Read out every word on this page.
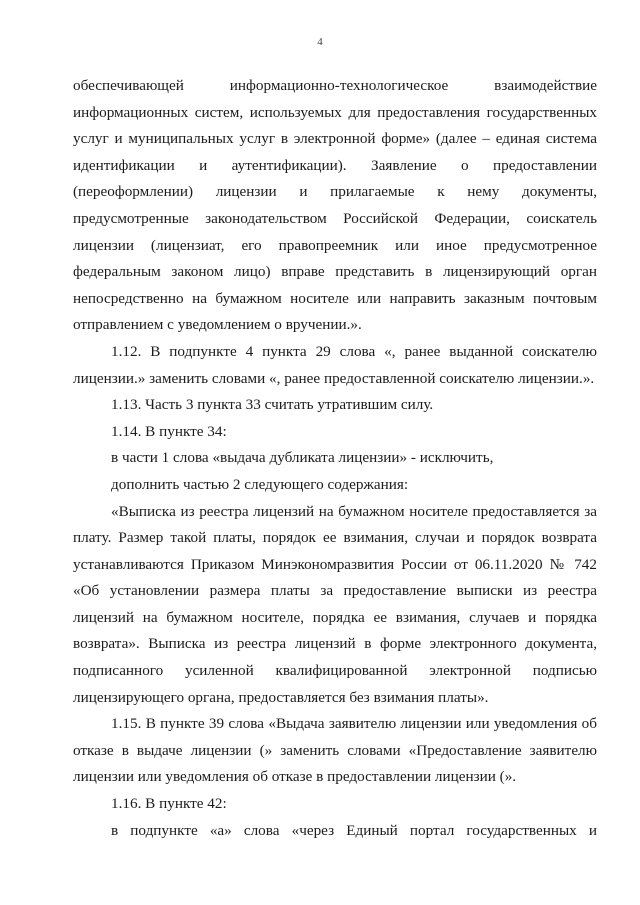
4
обеспечивающей информационно-технологическое взаимодействие
информационных систем, используемых для предоставления государственных
услуг и муниципальных услуг в электронной форме» (далее – единая система
идентификации и аутентификации). Заявление о предоставлении
(переоформлении) лицензии и прилагаемые к нему документы,
предусмотренные законодательством Российской Федерации, соискатель
лицензии (лицензиат, его правопреемник или иное предусмотренное
федеральным законом лицо) вправе представить в лицензирующий орган
непосредственно на бумажном носителе или направить заказным почтовым
отправлением с уведомлением о вручении.».
1.12. В подпункте 4 пункта 29 слова «, ранее выданной соискателю
лицензии.» заменить словами «, ранее предоставленной соискателю лицензии.».
1.13. Часть 3 пункта 33 считать утратившим силу.
1.14. В пункте 34:
в части 1 слова «выдача дубликата лицензии» - исключить,
дополнить частью 2 следующего содержания:
«Выписка из реестра лицензий на бумажном носителе предоставляется за
плату. Размер такой платы, порядок ее взимания, случаи и порядок возврата
устанавливаются Приказом Минэкономразвития России от 06.11.2020 № 742
«Об установлении размера платы за предоставление выписки из реестра
лицензий на бумажном носителе, порядка ее взимания, случаев и порядка
возврата». Выписка из реестра лицензий в форме электронного документа,
подписанного усиленной квалифицированной электронной подписью
лицензирующего органа, предоставляется без взимания платы».
1.15. В пункте 39 слова «Выдача заявителю лицензии или уведомления об
отказе в выдаче лицензии (» заменить словами «Предоставление заявителю
лицензии или уведомления об отказе в предоставлении лицензии (».
1.16. В пункте 42:
в подпункте «а» слова «через Единый портал государственных и
